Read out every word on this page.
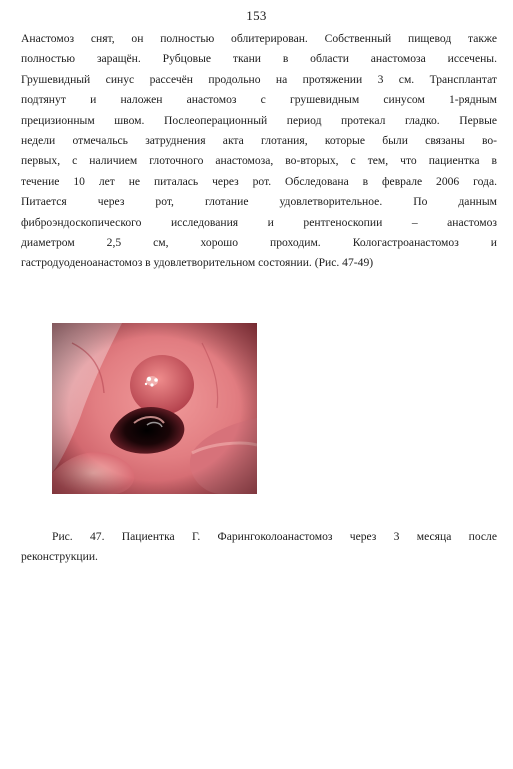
153
Анастомоз снят, он полностью облитерирован. Собственный пищевод также
полностью заращён. Рубцовые ткани в области анастомоза иссечены.
Грушевидный синус рассечён продольно на протяжении 3 см. Трансплантат
подтянут и наложен анастомоз с грушевидным синусом 1-рядным
прецизионным швом. Послеоперационный период протекал гладко. Первые
недели отмечальсь затруднения акта глотания, которые были связаны во-
первых, с наличием глоточного анастомоза, во-вторых, с тем, что пациентка в
течение 10 лет не питалась через рот. Обследована в феврале 2006 года.
Питается через рот, глотание удовлетворительное. По данным
фиброэндоскопического исследования и рентгеноскопии – анастомоз
диаметром 2,5 см, хорошо проходим. Кологастроанастомоз и
гастродуоденоанастомоз в удовлетворительном состоянии. (Рис. 47-49)
Рис. 47. Пациентка Г. Фарингоколоанастомоз через 3 месяца после
реконструкции.
